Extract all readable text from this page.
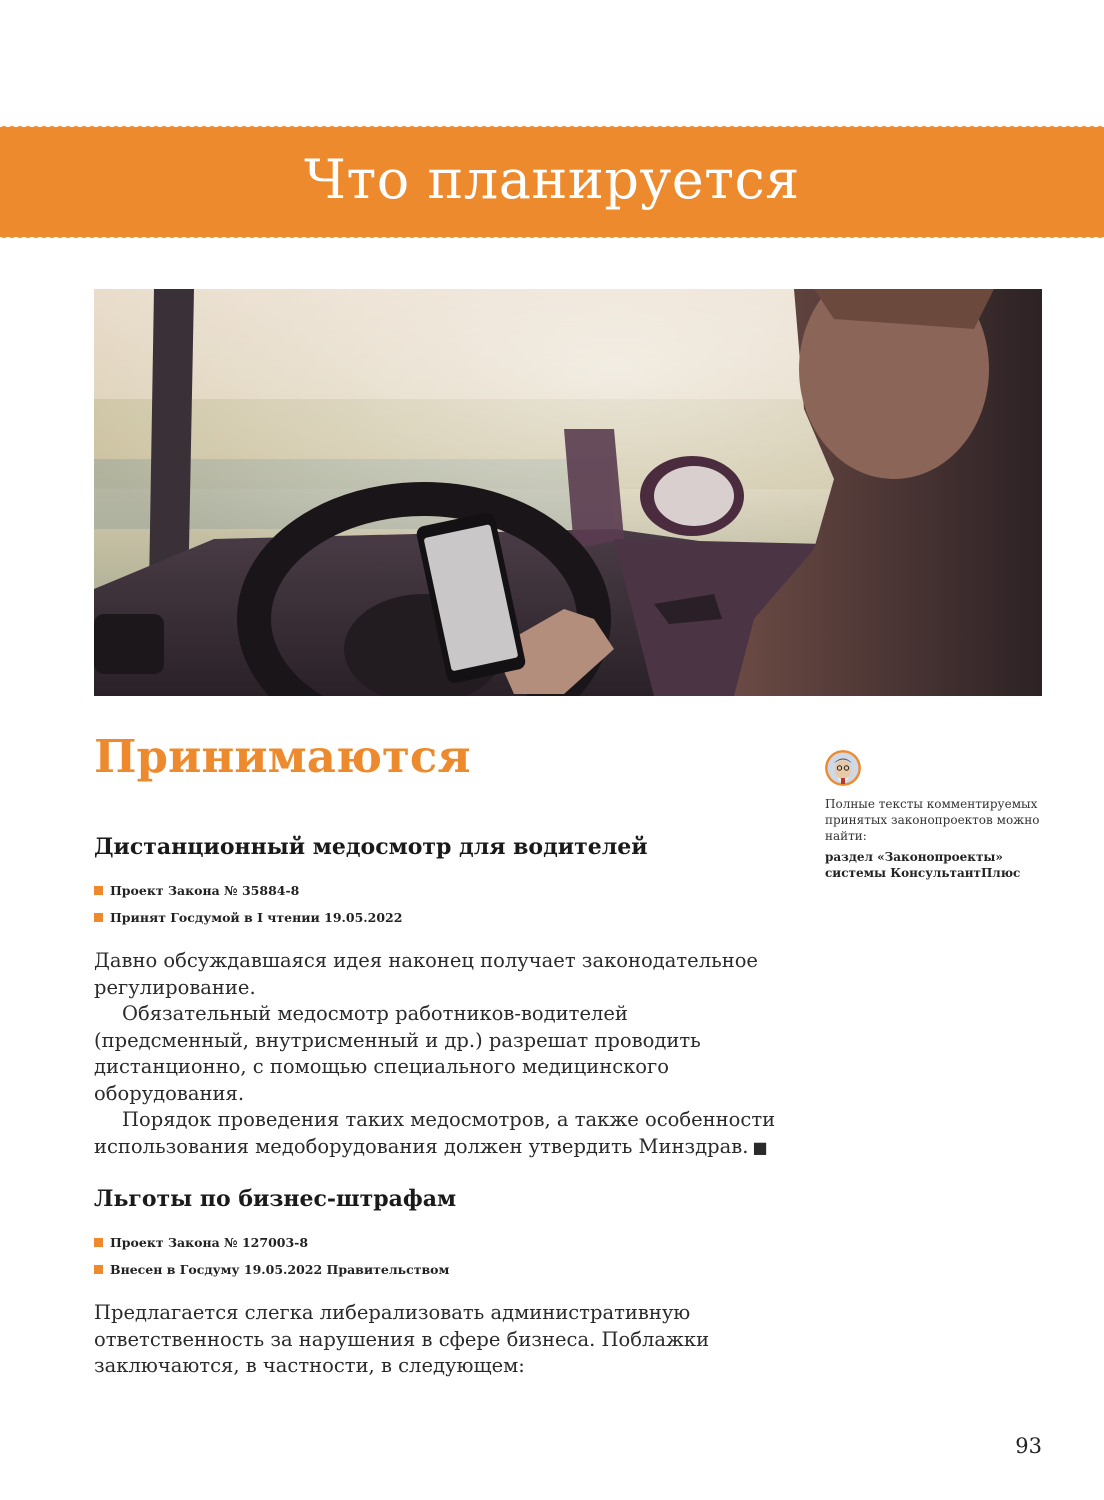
Что планируется
Принимаются
Дистанционный медосмотр для водителей
Проект Закона № 35884-8
Принят Госдумой в I чтении 19.05.2022

Давно обсуждавшаяся идея наконец получает законодательное регулирование.

Обязательный медосмотр работников-водителей (предсменный, внутрисменный и др.) разрешат проводить дистанционно, с помощью специального медицинского оборудования.

Порядок проведения таких медосмотров, а также особенности использования медоборудования должен утвердить Минздрав. ■

Льготы по бизнес-штрафам
Проект Закона № 127003-8
Внесен в Госдуму 19.05.2022 Правительством

Предлагается слегка либерализовать административную ответственность за нарушения в сфере бизнеса. Поблажки заключаются, в частности, в следующем:

Полные тексты комментируемых принятых законопроектов можно найти:

раздел «Законопроекты» системы КонсультантПлюс

93
